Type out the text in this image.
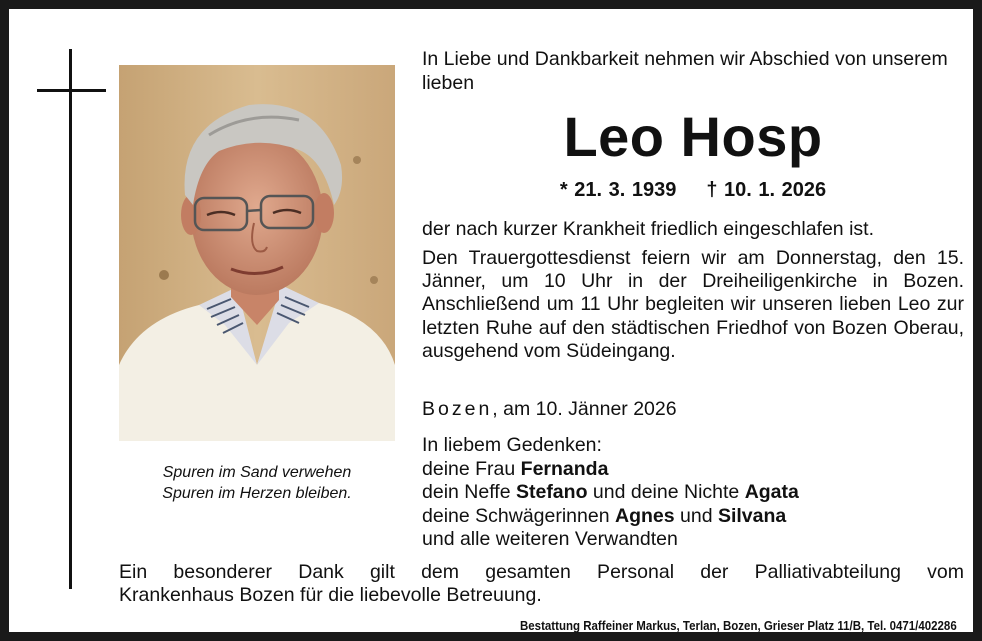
Spuren im Sand verwehen
Spuren im Herzen bleiben.
In Liebe und Dankbarkeit nehmen wir Abschied von unserem lieben
Leo Hosp
* 21. 3. 1939 † 10. 1. 2026
der nach kurzer Krankheit friedlich eingeschlafen ist.
Den Trauergottesdienst feiern wir am Donnerstag, den 15. Jänner, um 10 Uhr in der Dreiheiligenkirche in Bozen. Anschließend um 11 Uhr begleiten wir unseren lieben Leo zur letzten Ruhe auf den städtischen Friedhof von Bozen Oberau, ausgehend vom Südeingang.
Bozen, am 10. Jänner 2026
In liebem Gedenken:
deine Frau Fernanda
dein Neffe Stefano und deine Nichte Agata
deine Schwägerinnen Agnes und Silvana
und alle weiteren Verwandten
Ein besonderer Dank gilt dem gesamten Personal der Palliativabteilung vom
Krankenhaus Bozen für die liebevolle Betreuung.
Bestattung Raffeiner Markus, Terlan, Bozen, Grieser Platz 11/B, Tel. 0471/402286
